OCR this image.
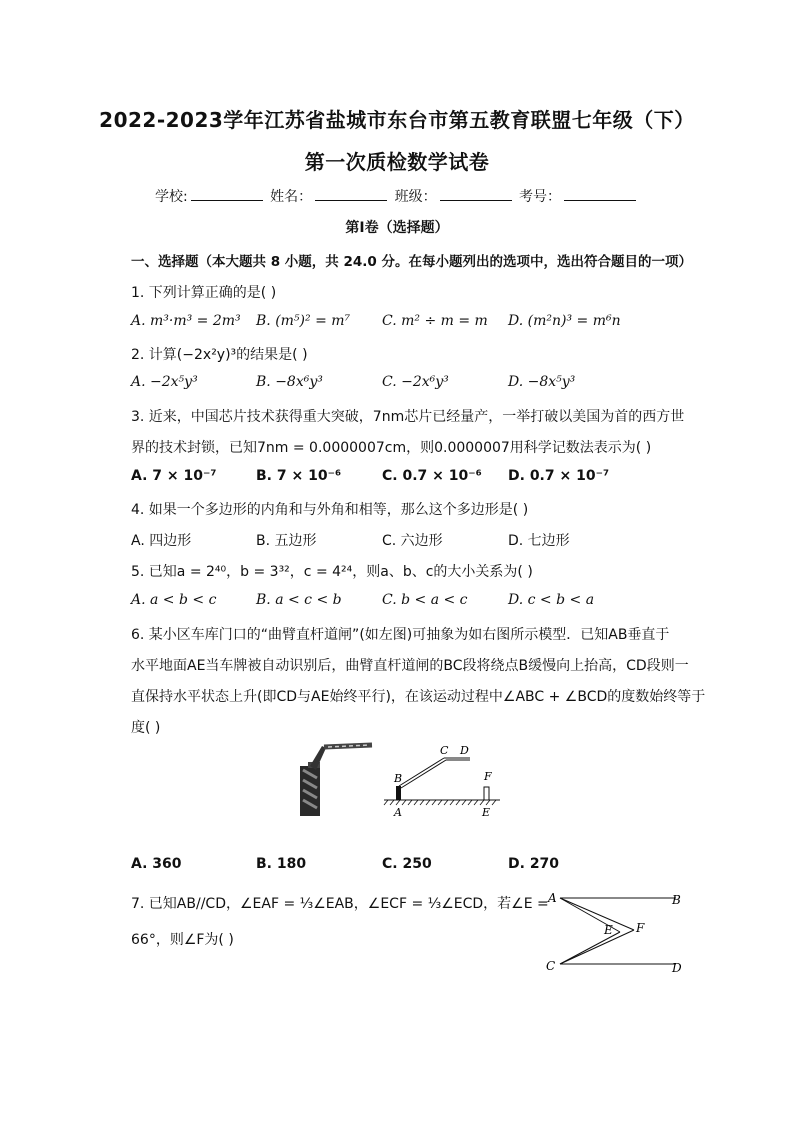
2022-2023学年江苏省盐城市东台市第五教育联盟七年级（下）
第一次质检数学试卷
学校:	姓名：	班级：	考号：
第I卷（选择题）
一、选择题（本大题共 8 小题，共 24.0 分。在每小题列出的选项中，选出符合题目的一项）
1. 下列计算正确的是( )
A. m³·m³ = 2m³ B. (m⁵)² = m⁷ C. m² ÷ m = m D. (m²n)³ = m⁶n
2. 计算(−2x²y)³的结果是( )
A. −2x⁵y³	B. −8x⁶y³	C. −2x⁶y³	D. −8x⁵y³
3. 近来，中国芯片技术获得重大突破，7nm芯片已经量产，一举打破以美国为首的西方世
界的技术封锁，已知7nm = 0.0000007cm，则0.0000007用科学记数法表示为( )
A. 7 × 10⁻⁷	B. 7 × 10⁻⁶	C. 0.7 × 10⁻⁶ D. 0.7 × 10⁻⁷
4. 如果一个多边形的内角和与外角和相等，那么这个多边形是( )
A. 四边形	B. 五边形	C. 六边形	D. 七边形
5. 已知a = 2⁴⁰，b = 3³²，c = 4²⁴，则a、b、c的大小关系为( )
A. a < b < c	B. a < c < b	C. b < a < c	D. c < b < a
6. 某小区车库门口的“曲臂直杆道闸”(如左图)可抽象为如右图所示模型．已知AB垂直于
水平地面AE当车牌被自动识别后，曲臂直杆道闸的BC段将绕点B缓慢向上抬高，CD段则一
直保持水平状态上升(即CD与AE始终平行)，在该运动过程中∠ABC + ∠BCD的度数始终等于
度( )
B
A
C D
F
E
A. 360	B. 180	C. 250	D. 270
7. 已知AB//CD，∠EAF = ⅓∠EAB，∠ECF = ⅓∠ECD，若∠E =
66°，则∠F为( )
A	B
E F
C	D
